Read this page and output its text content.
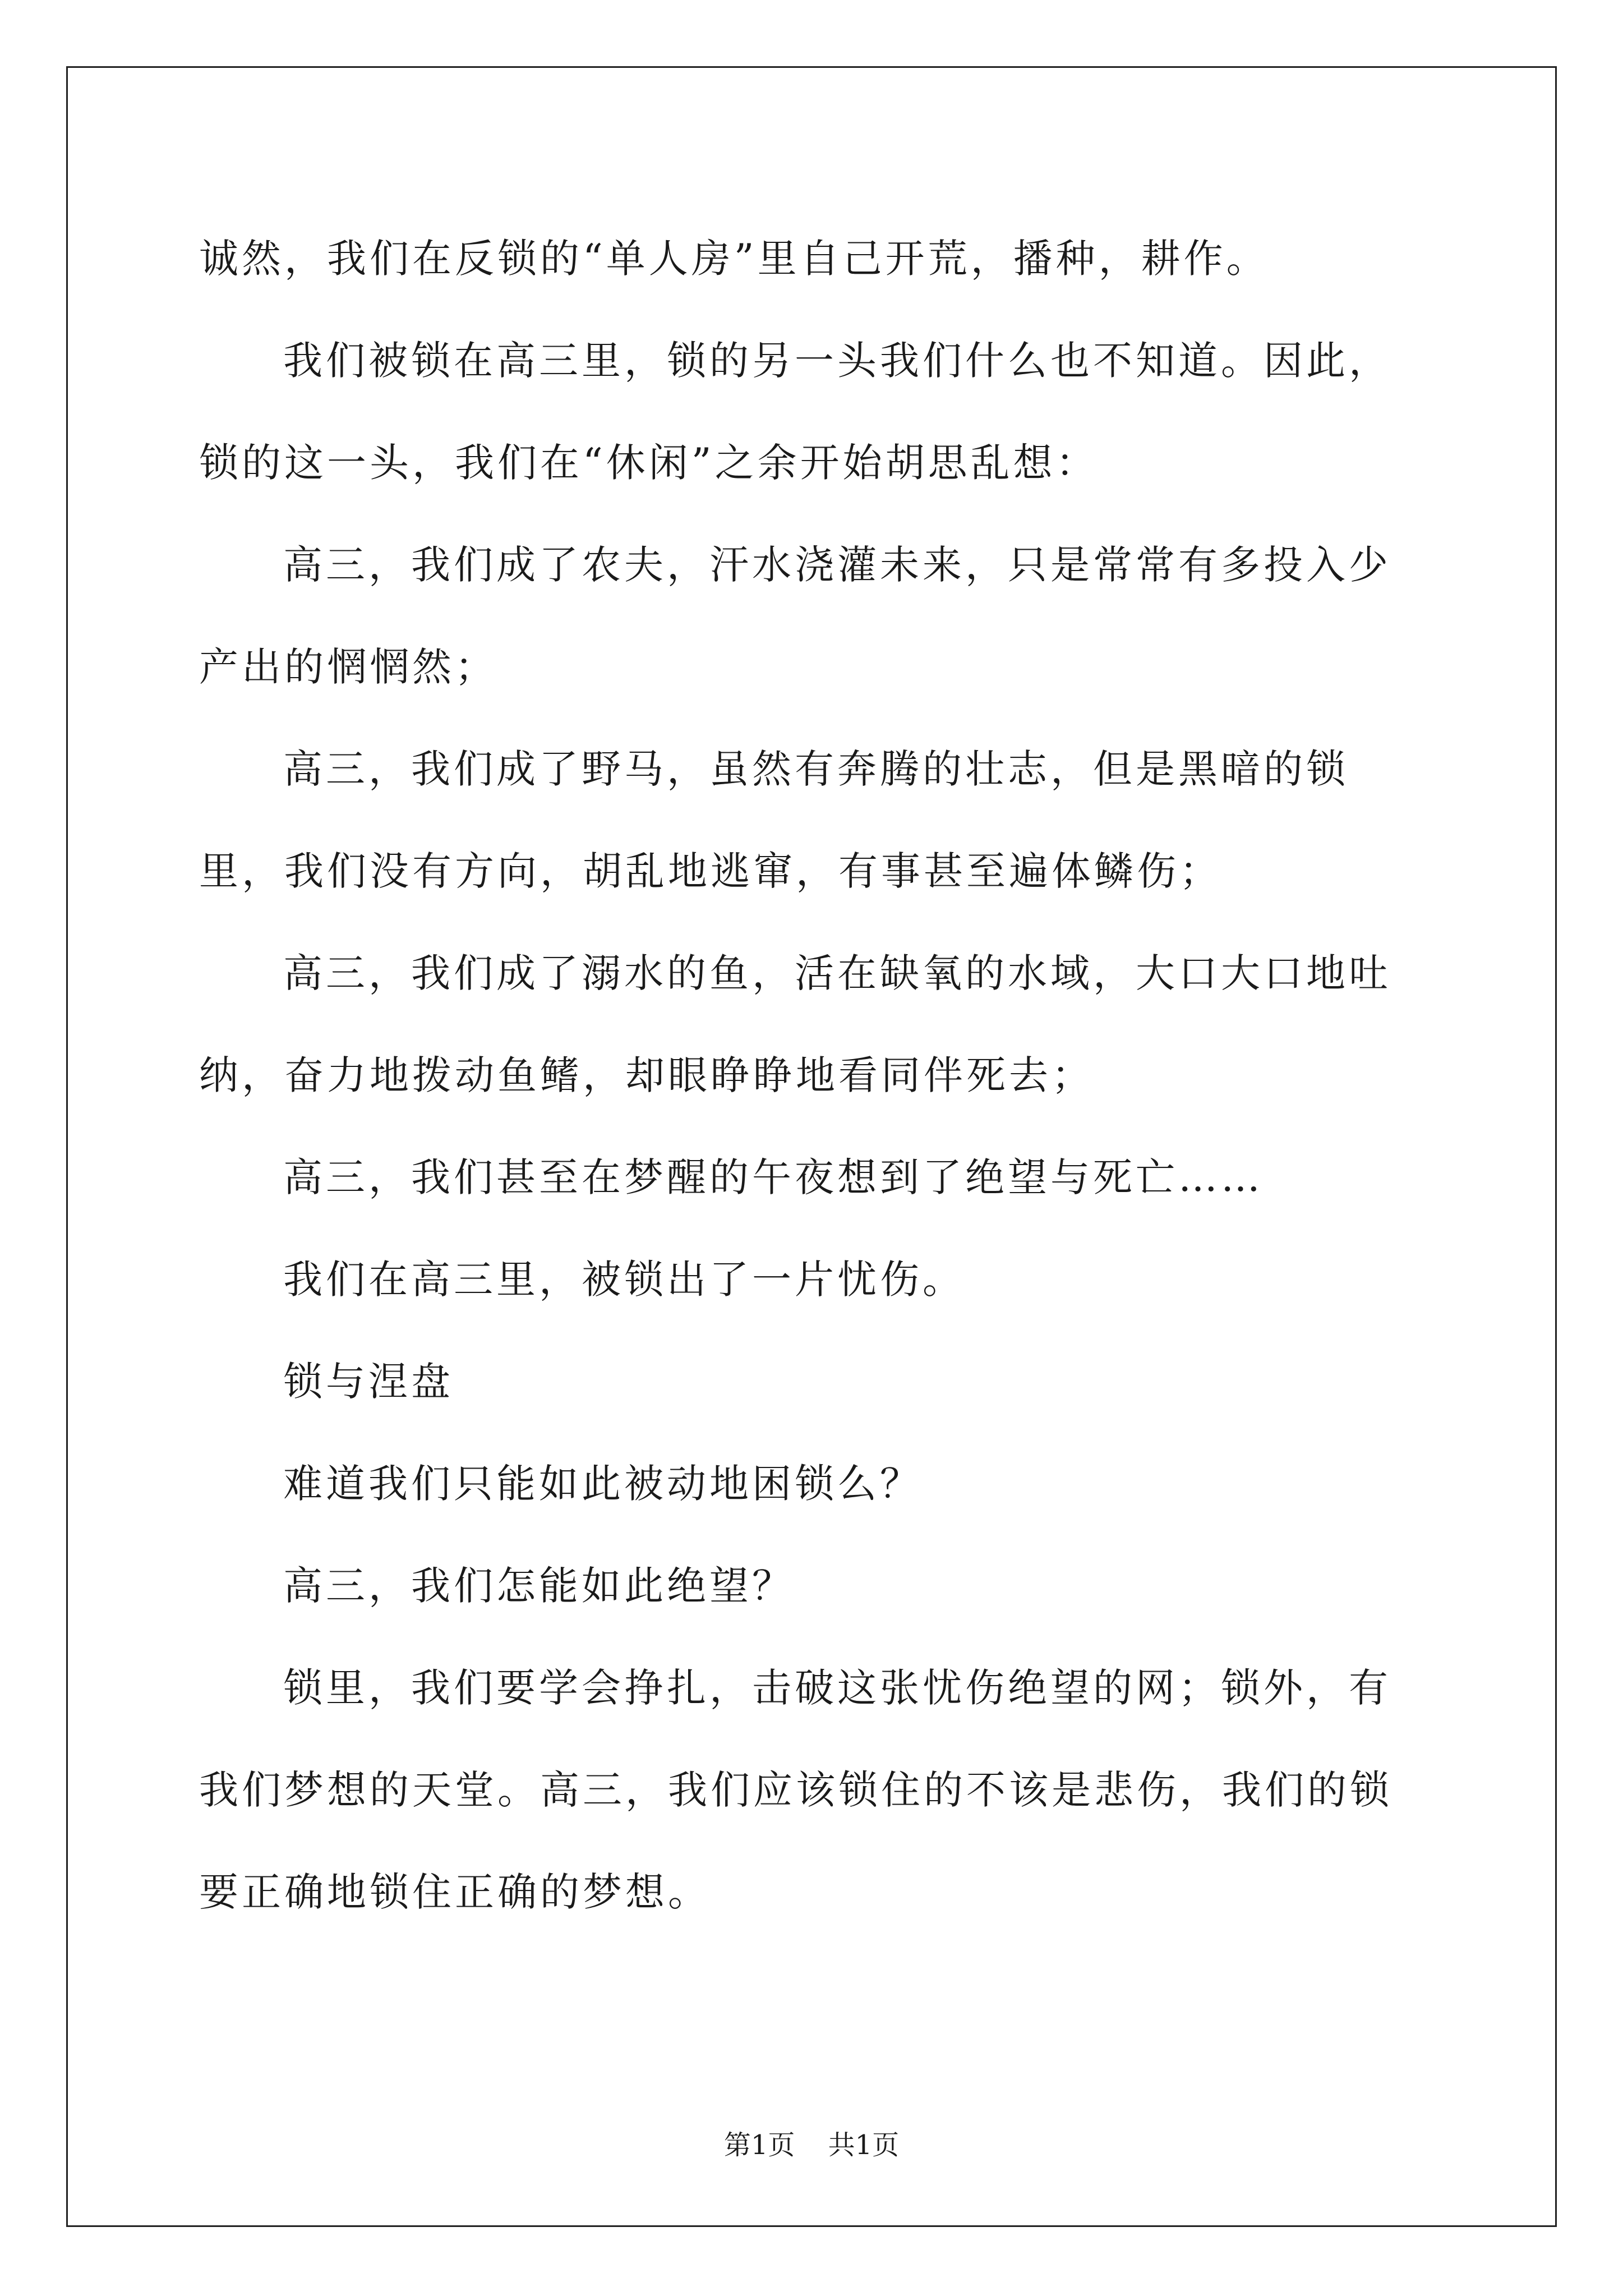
诚然，我们在反锁的“单人房”里自己开荒，播种，耕作。

我们被锁在高三里，锁的另一头我们什么也不知道。因此，锁的这一头，我们在“休闲”之余开始胡思乱想：

高三，我们成了农夫，汗水浇灌未来，只是常常有多投入少产出的惘惘然；

高三，我们成了野马，虽然有奔腾的壮志，但是黑暗的锁里，我们没有方向，胡乱地逃窜，有事甚至遍体鳞伤；

高三，我们成了溺水的鱼，活在缺氧的水域，大口大口地吐纳，奋力地拨动鱼鳍，却眼睁睁地看同伴死去；

高三，我们甚至在梦醒的午夜想到了绝望与死亡……

我们在高三里，被锁出了一片忧伤。

锁与涅盘

难道我们只能如此被动地困锁么？

高三，我们怎能如此绝望？

锁里，我们要学会挣扎，击破这张忧伤绝望的网；锁外，有我们梦想的天堂。高三，我们应该锁住的不该是悲伤，我们的锁要正确地锁住正确的梦想。

第1页 共1页
